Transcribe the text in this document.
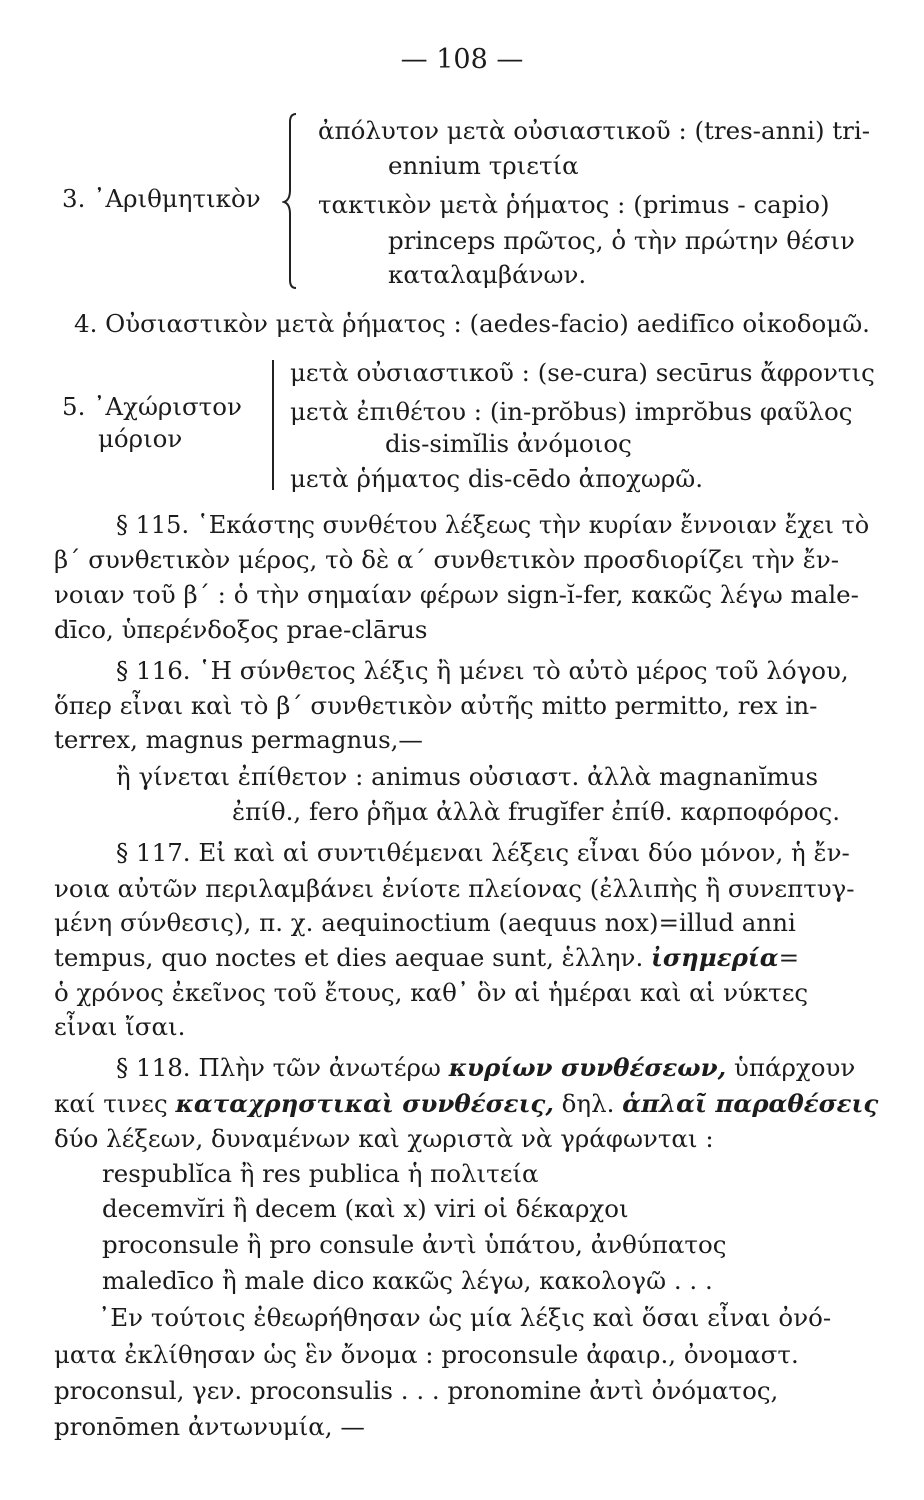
— 108 —
ἀπόλυτον μετὰ οὐσιαστικοῦ : (tres-anni) tri-
ennium τριετία
3. ᾽Αριθμητικὸν τακτικὸν μετὰ ῥήματος : (primus - capio)
princeps πρῶτος, ὁ τὴν πρώτην θέσιν
καταλαμβάνων.
4. Οὐσιαστικὸν μετὰ ῥήματος : (aedes-facio) aedifīco οἰκοδομῶ.
μετὰ οὐσιαστικοῦ : (se-cura) secūrus ἄφροντις
5. ᾽Αχώριστον μετὰ ἐπιθέτου : (in-prŏbus) imprŏbus φαῦλος
μόριον	dis-simĭlis ἀνόμοιος
μετὰ ῥήματος dis-cēdo ἀποχωρῶ.
§ 115. ῾Εκάστης συνθέτου λέξεως τὴν κυρίαν ἔννοιαν ἔχει τὸ
β΄ συνθετικὸν μέρος, τὸ δὲ α΄ συνθετικὸν προσδιορίζει τὴν ἔν-
νοιαν τοῦ β΄ : ὁ τὴν σημαίαν φέρων sign-ĭ-fer, κακῶς λέγω male-
dīco, ὑπερένδοξος prae-clārus
§ 116. ῾Η σύνθετος λέξις ἢ μένει τὸ αὐτὸ μέρος τοῦ λόγου,
ὅπερ εἶναι καὶ τὸ β΄ συνθετικὸν αὐτῆς mitto permitto, rex in-
terrex, magnus permagnus,—
ἢ γίνεται ἐπίθετον : animus οὐσιαστ. ἀλλὰ magnanĭmus
ἐπίθ., fero ῥῆμα ἀλλὰ frugĭfer ἐπίθ. καρποφόρος.
§ 117. Εἰ καὶ αἱ συντιθέμεναι λέξεις εἶναι δύο μόνον, ἡ ἔν-
νοια αὐτῶν περιλαμβάνει ἐνίοτε πλείονας (ἐλλιπὴς ἢ συνεπτυγ-
μένη σύνθεσις), π. χ. aequinoctium (aequus nox)=illud anni
tempus, quo noctes et dies aequae sunt, ἑλλην. ἰσημερία=
ὁ χρόνος ἐκεῖνος τοῦ ἔτους, καθ᾽ ὃν αἱ ἡμέραι καὶ αἱ νύκτες
εἶναι ἴσαι.
§ 118. Πλὴν τῶν ἀνωτέρω κυρίων συνθέσεων, ὑπάρχουν
καί τινες καταχρηστικαὶ συνθέσεις, δηλ. ἁπλαῖ παραθέσεις
δύο λέξεων, δυναμένων καὶ χωριστὰ νὰ γράφωνται :
respublĭca ἢ res publica ἡ πολιτεία
decemvĭri ἢ decem (καὶ x) viri οἱ δέκαρχοι
proconsule ἢ pro consule ἀντὶ ὑπάτου, ἀνθύπατος
maledīco ἢ male dico κακῶς λέγω, κακολογῶ . . .
᾽Εν τούτοις ἐθεωρήθησαν ὡς μία λέξις καὶ ὅσαι εἶναι ὀνό-
ματα ἐκλίθησαν ὡς ἓν ὄνομα : proconsule ἀφαιρ., ὀνομαστ.
proconsul, γεν. proconsulis . . . pronomine ἀντὶ ὀνόματος,
pronōmen ἀντωνυμία, —
